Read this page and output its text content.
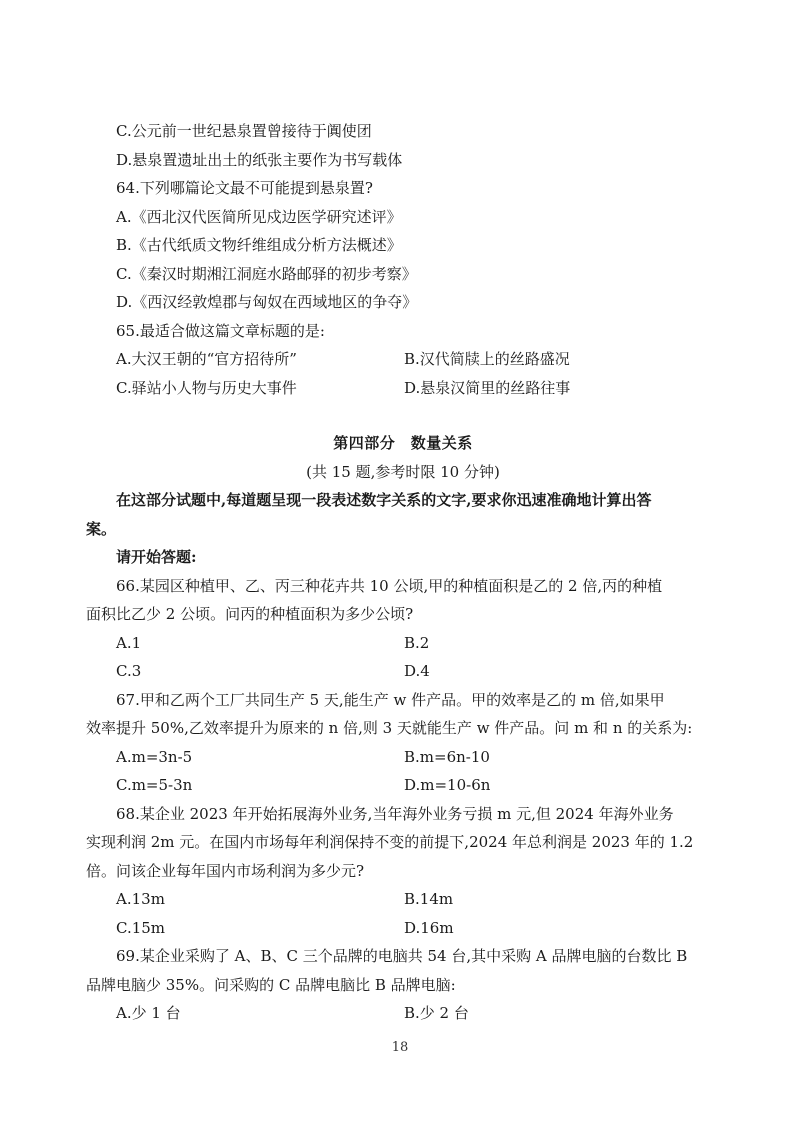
C.公元前一世纪悬泉置曾接待于阗使团
D.悬泉置遗址出土的纸张主要作为书写载体
64.下列哪篇论文最不可能提到悬泉置?
A.《西北汉代医简所见戍边医学研究述评》
B.《古代纸质文物纤维组成分析方法概述》
C.《秦汉时期湘江洞庭水路邮驿的初步考察》
D.《西汉经敦煌郡与匈奴在西域地区的争夺》
65.最适合做这篇文章标题的是:
A.大汉王朝的“官方招待所”	B.汉代简牍上的丝路盛况
C.驿站小人物与历史大事件	D.悬泉汉简里的丝路往事
第四部分　数量关系
(共 15 题,参考时限 10 分钟)
在这部分试题中,每道题呈现一段表述数字关系的文字,要求你迅速准确地计算出答
案。
请开始答题:
66.某园区种植甲、乙、丙三种花卉共 10 公顷,甲的种植面积是乙的 2 倍,丙的种植
面积比乙少 2 公顷。问丙的种植面积为多少公顷?
A.1	B.2
C.3	D.4
67.甲和乙两个工厂共同生产 5 天,能生产 w 件产品。甲的效率是乙的 m 倍,如果甲
效率提升 50%,乙效率提升为原来的 n 倍,则 3 天就能生产 w 件产品。问 m 和 n 的关系为:
A.m=3n-5	B.m=6n-10
C.m=5-3n	D.m=10-6n
68.某企业 2023 年开始拓展海外业务,当年海外业务亏损 m 元,但 2024 年海外业务
实现利润 2m 元。在国内市场每年利润保持不变的前提下,2024 年总利润是 2023 年的 1.2
倍。问该企业每年国内市场利润为多少元?
A.13m	B.14m
C.15m	D.16m
69.某企业采购了 A、B、C 三个品牌的电脑共 54 台,其中采购 A 品牌电脑的台数比 B
品牌电脑少 35%。问采购的 C 品牌电脑比 B 品牌电脑:
A.少 1 台	B.少 2 台
18
